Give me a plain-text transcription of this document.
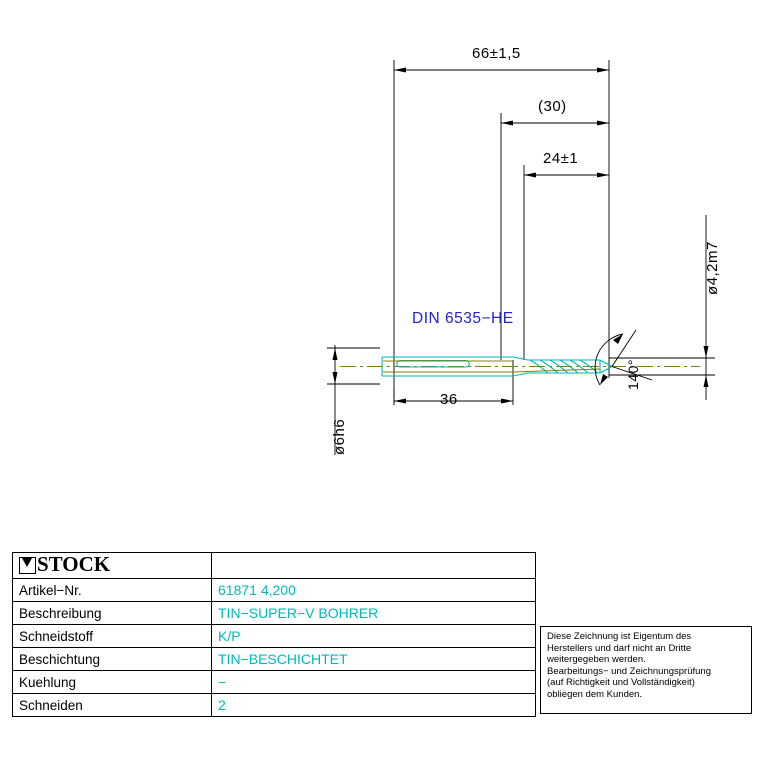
66±1,5
(30)
24±1
36
DIN 6535−HE
ø4,2m7
ø6h6
140°
STOCK	
Artikel−Nr.	61871 4,200
Beschreibung	TIN−SUPER−V BOHRER
Schneidstoff	K/P
Beschichtung	TIN−BESCHICHTET
Kuehlung	−
Schneiden	2
Diese Zeichnung ist Eigentum des
Herstellers und darf nicht an Dritte
weitergegeben werden.
Bearbeitungs− und Zeichnungsprüfung
(auf Richtigkeit und Vollständigkeit)
obliegen dem Kunden.
